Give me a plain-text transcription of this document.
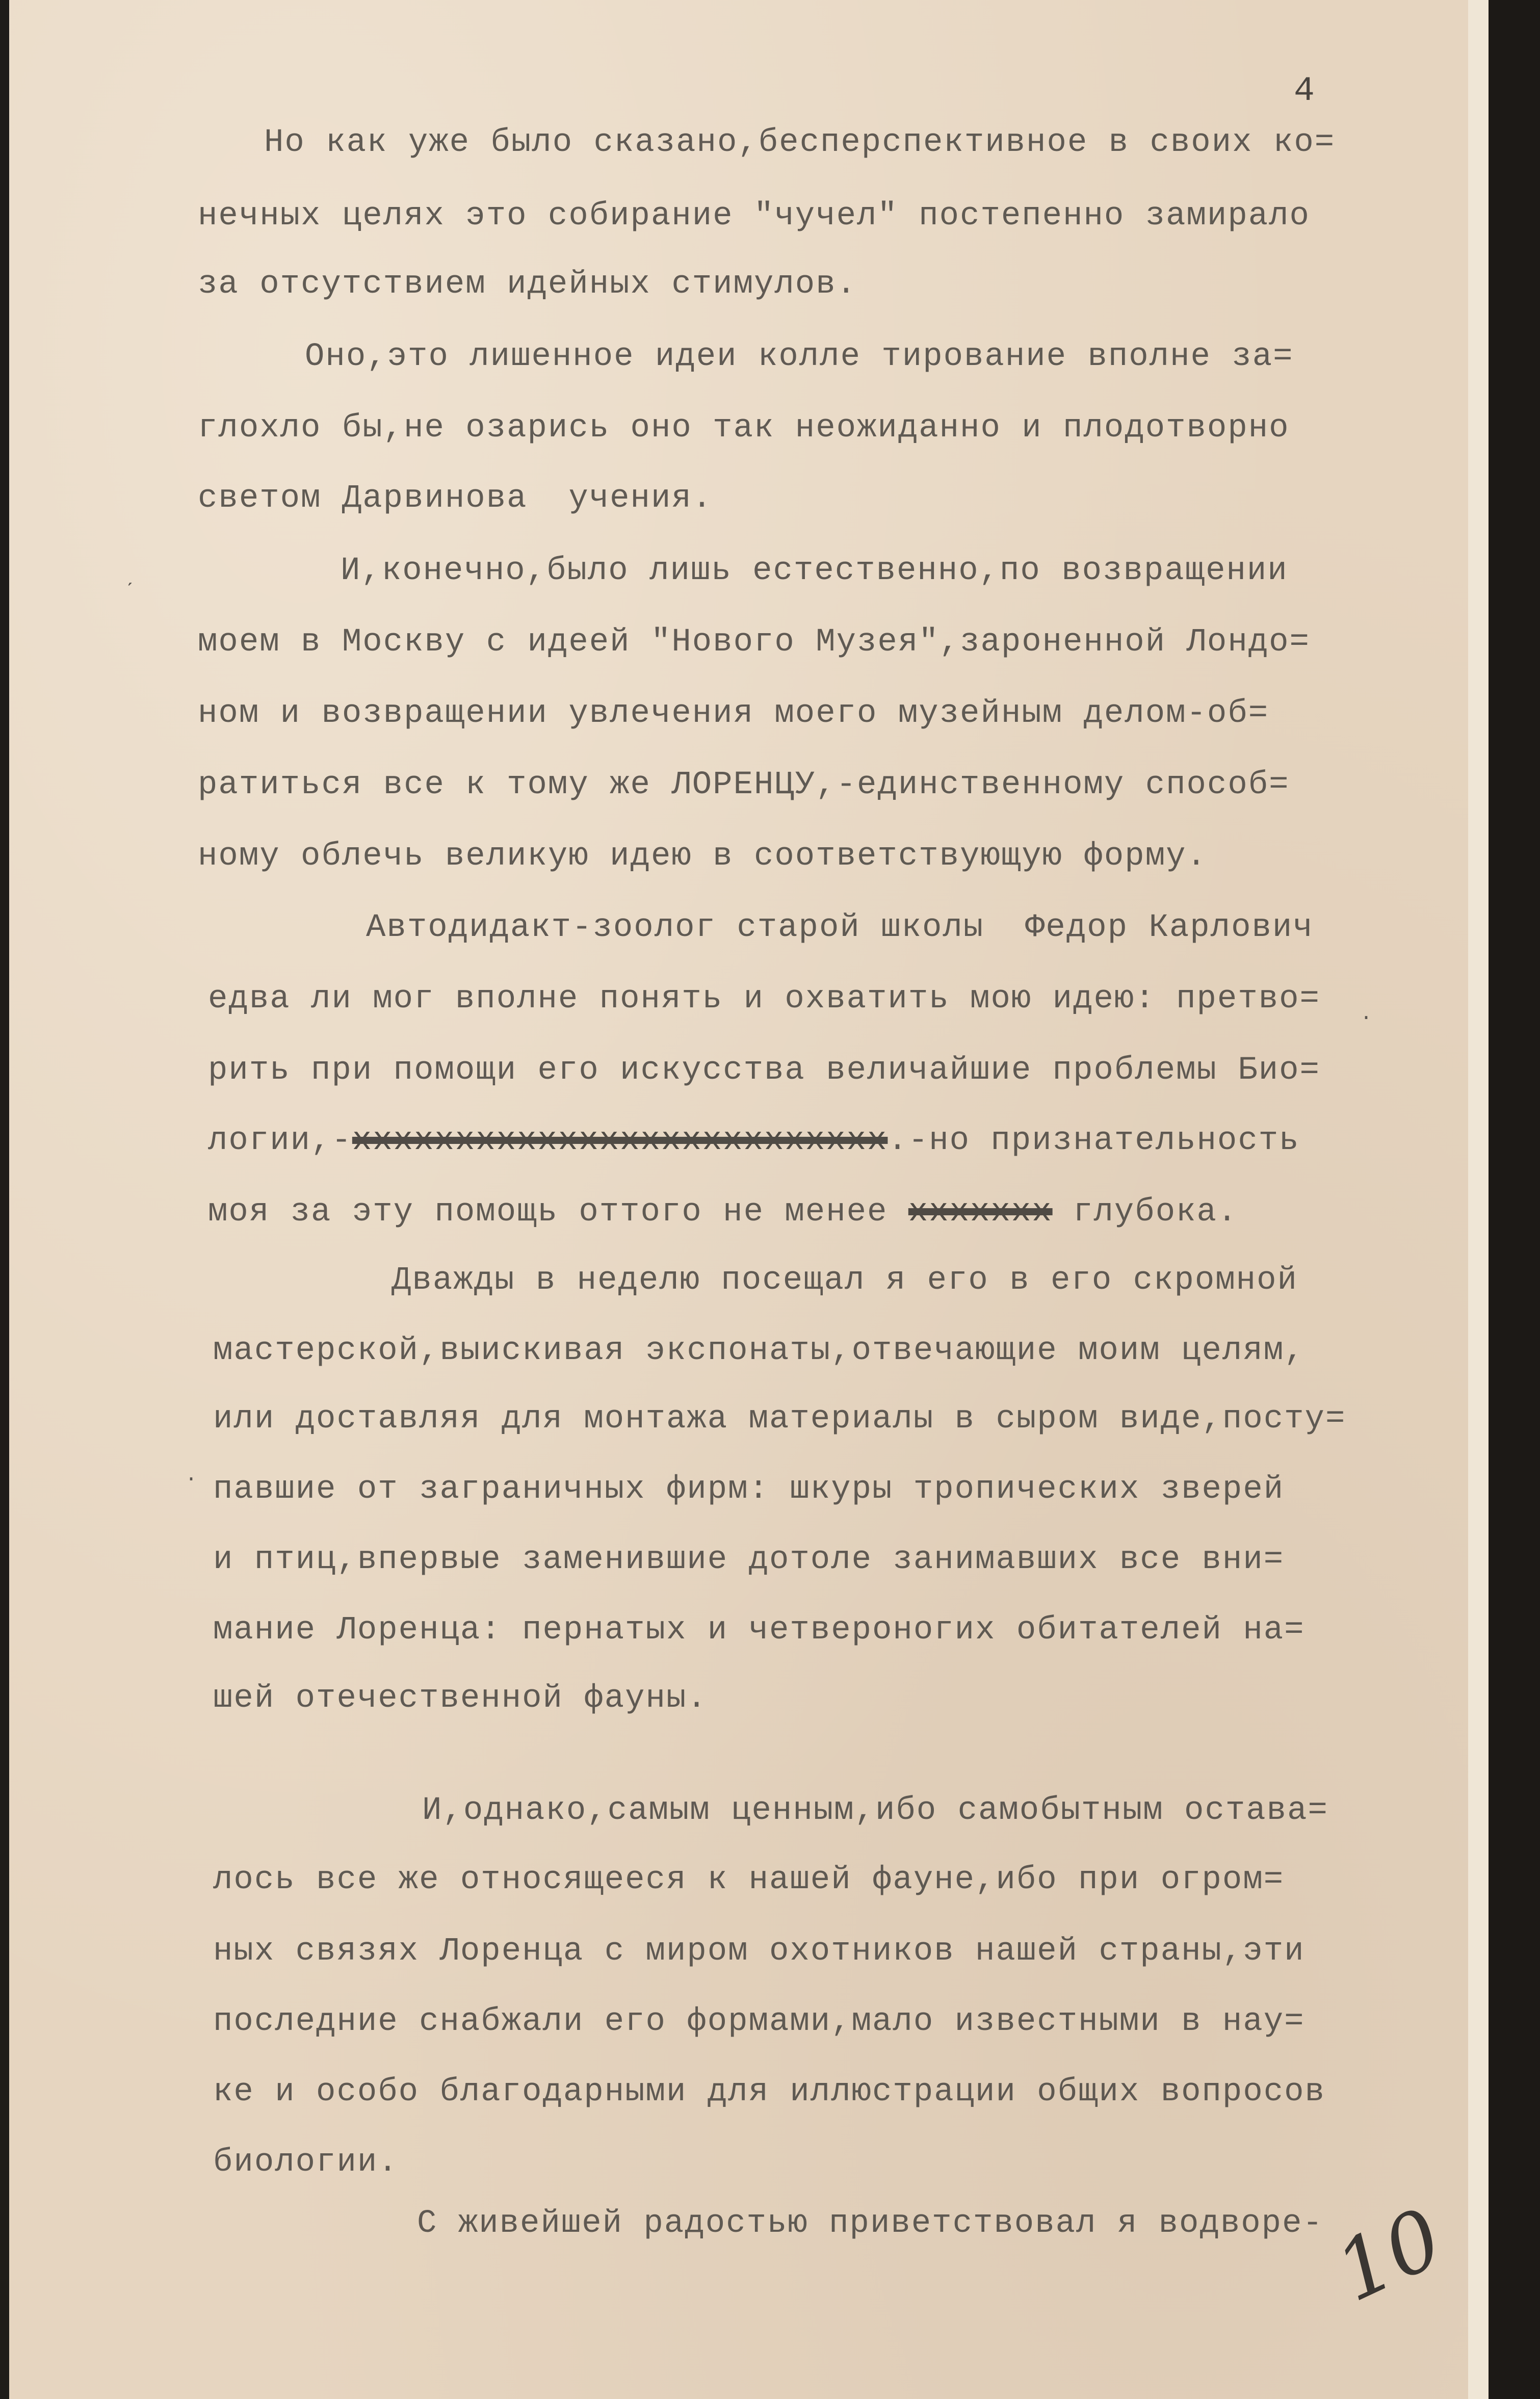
4
Но как уже было сказано,бесперспективное в своих ко=
нечных целях это собирание "чучел" постепенно замирало
за отсутствием идейных стимулов.
Оно,это лишенное идеи колле тирование вполне за=
глохло бы,не озарись оно так неожиданно и плодотворно
светом Дарвинова  учения.
И,конечно,было лишь естественно,по возвращении
моем в Москву с идеей "Нового Музея",зароненной Лондо=
ном и возвращении увлечения моего музейным делом-об=
ратиться все к тому же ЛОРЕНЦУ,-единственному способ=
ному облечь великую идею в соответствующую форму.
Автодидакт-зоолог старой школы  Федор Карлович
едва ли мог вполне понять и охватить мою идею: претво=
рить при помощи его искусства величайшие проблемы Био=
логии,-xxxxxxxxxxxxxxxxxxxxxxxxxx.-но признательность
моя за эту помощь оттого не менее xxxxxxx глубока.
Дважды в неделю посещал я его в его скромной
мастерской,выискивая экспонаты,отвечающие моим целям,
или доставляя для монтажа материалы в сыром виде,посту=
павшие от заграничных фирм: шкуры тропических зверей
и птиц,впервые заменившие дотоле занимавших все вни=
мание Лоренца: пернатых и четвероногих обитателей на=
шей отечественной фауны.
И,однако,самым ценным,ибо самобытным остава=
лось все же относящееся к нашей фауне,ибо при огром=
ных связях Лоренца с миром охотников нашей страны,эти
последние снабжали его формами,мало известными в нау=
ке и особо благодарными для иллюстрации общих вопросов
биологии.
С живейшей радостью приветствовал я водворе-
ˊ
·
·
10
